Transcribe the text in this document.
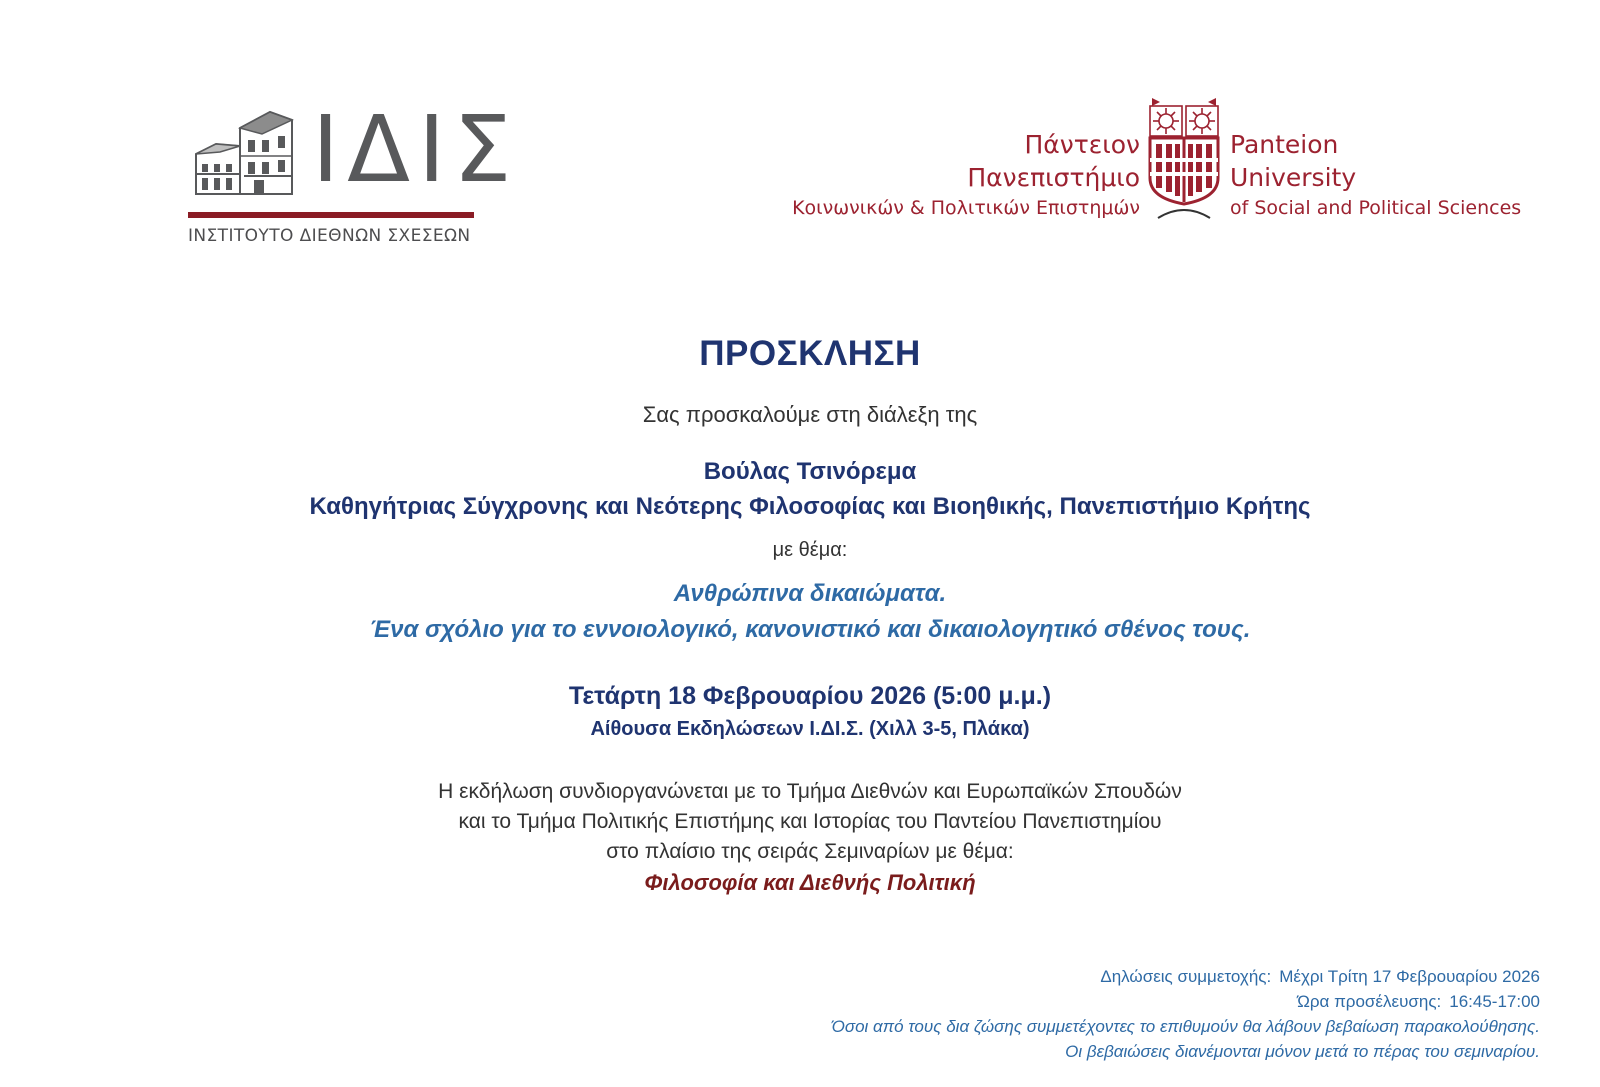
ΙΔΙΣ
ΙΝΣΤΙΤΟΥΤΟ ΔΙΕΘΝΩΝ ΣΧΕΣΕΩΝ
Πάντειον
Πανεπιστήμιο
Κοινωνικών & Πολιτικών Επιστημών
Panteion
University
of Social and Political Sciences
ΠΡΟΣΚΛΗΣΗ
Σας προσκαλούμε στη διάλεξη της
Βούλας Τσινόρεμα
Καθηγήτριας Σύγχρονης και Νεότερης Φιλοσοφίας και Βιοηθικής, Πανεπιστήμιο Κρήτης
με θέμα:
Ανθρώπινα δικαιώματα.
Ένα σχόλιο για το εννοιολογικό, κανονιστικό και δικαιολογητικό σθένος τους.
Τετάρτη 18 Φεβρουαρίου 2026 (5:00 μ.μ.)
Αίθουσα Εκδηλώσεων Ι.ΔΙ.Σ. (Χιλλ 3-5, Πλάκα)
Η εκδήλωση συνδιοργανώνεται με το Τμήμα Διεθνών και Ευρωπαϊκών Σπουδών
και το Τμήμα Πολιτικής Επιστήμης και Ιστορίας του Παντείου Πανεπιστημίου
στο πλαίσιο της σειράς Σεμιναρίων με θέμα:
Φιλοσοφία και Διεθνής Πολιτική
Δηλώσεις συμμετοχής: Μέχρι Τρίτη 17 Φεβρουαρίου 2026
Ώρα προσέλευσης: 16:45-17:00
Όσοι από τους δια ζώσης συμμετέχοντες το επιθυμούν θα λάβουν βεβαίωση παρακολούθησης.
Οι βεβαιώσεις διανέμονται μόνον μετά το πέρας του σεμιναρίου.
